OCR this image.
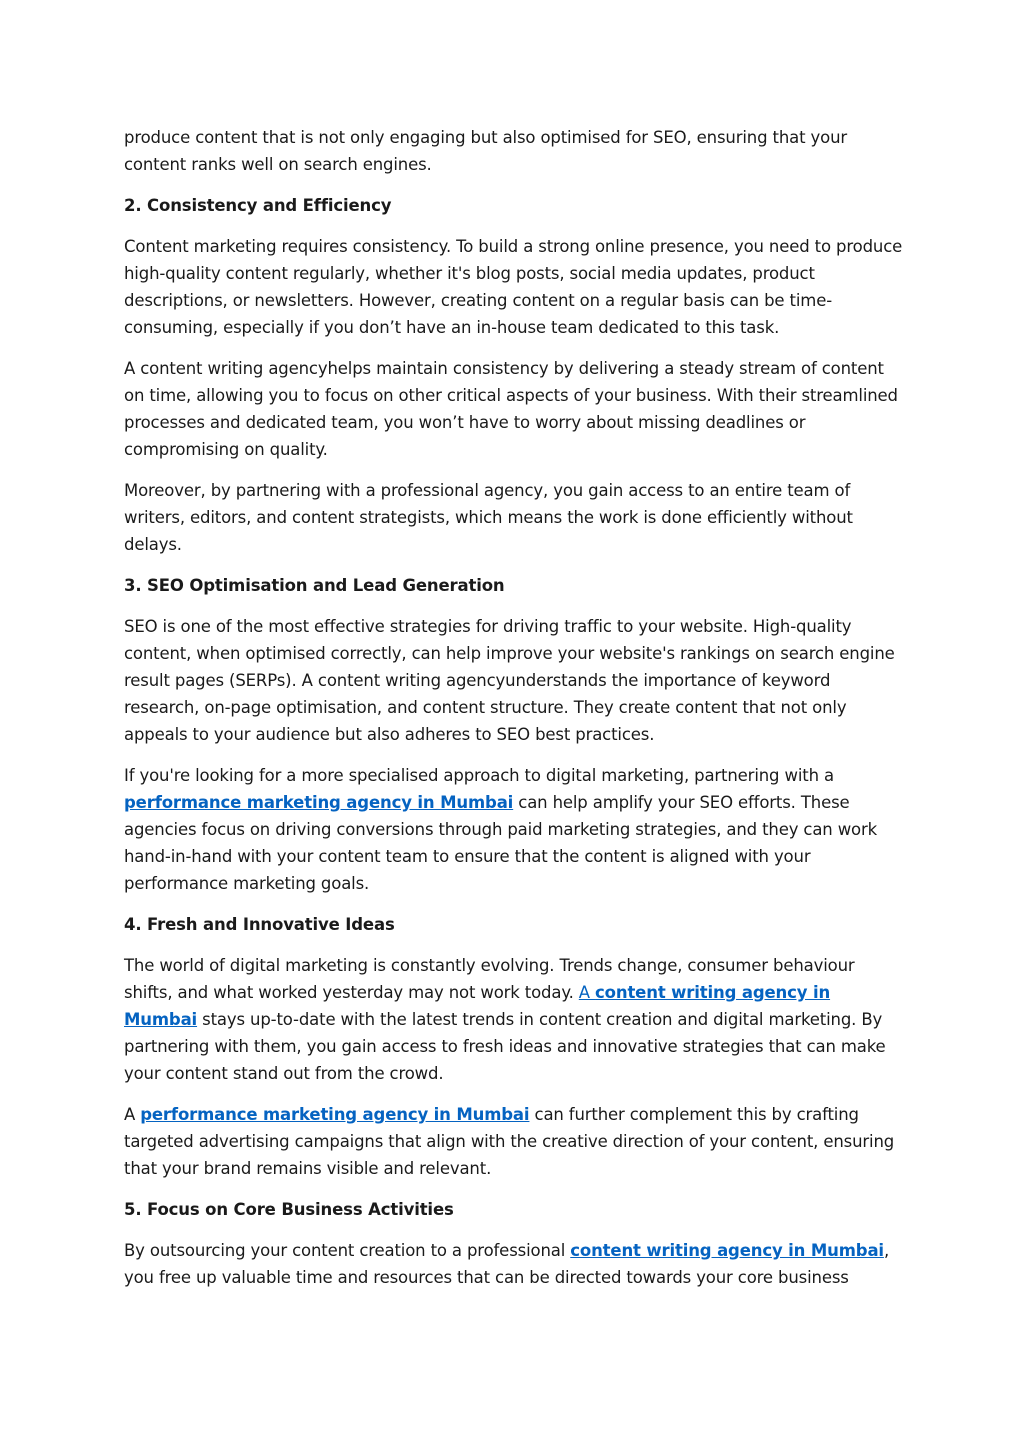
produce content that is not only engaging but also optimised for SEO, ensuring that your content ranks well on search engines.

2. Consistency and Efficiency

Content marketing requires consistency. To build a strong online presence, you need to produce high-quality content regularly, whether it's blog posts, social media updates, product descriptions, or newsletters. However, creating content on a regular basis can be time-consuming, especially if you don’t have an in-house team dedicated to this task.

A content writing agencyhelps maintain consistency by delivering a steady stream of content on time, allowing you to focus on other critical aspects of your business. With their streamlined processes and dedicated team, you won’t have to worry about missing deadlines or compromising on quality.

Moreover, by partnering with a professional agency, you gain access to an entire team of writers, editors, and content strategists, which means the work is done efficiently without delays.

3. SEO Optimisation and Lead Generation

SEO is one of the most effective strategies for driving traffic to your website. High-quality content, when optimised correctly, can help improve your website's rankings on search engine result pages (SERPs). A content writing agencyunderstands the importance of keyword research, on-page optimisation, and content structure. They create content that not only appeals to your audience but also adheres to SEO best practices.

If you're looking for a more specialised approach to digital marketing, partnering with a performance marketing agency in Mumbai can help amplify your SEO efforts. These agencies focus on driving conversions through paid marketing strategies, and they can work hand-in-hand with your content team to ensure that the content is aligned with your performance marketing goals.

4. Fresh and Innovative Ideas

The world of digital marketing is constantly evolving. Trends change, consumer behaviour shifts, and what worked yesterday may not work today. A content writing agency in Mumbai stays up-to-date with the latest trends in content creation and digital marketing. By partnering with them, you gain access to fresh ideas and innovative strategies that can make your content stand out from the crowd.

A performance marketing agency in Mumbai can further complement this by crafting targeted advertising campaigns that align with the creative direction of your content, ensuring that your brand remains visible and relevant.

5. Focus on Core Business Activities

By outsourcing your content creation to a professional content writing agency in Mumbai, you free up valuable time and resources that can be directed towards your core business
